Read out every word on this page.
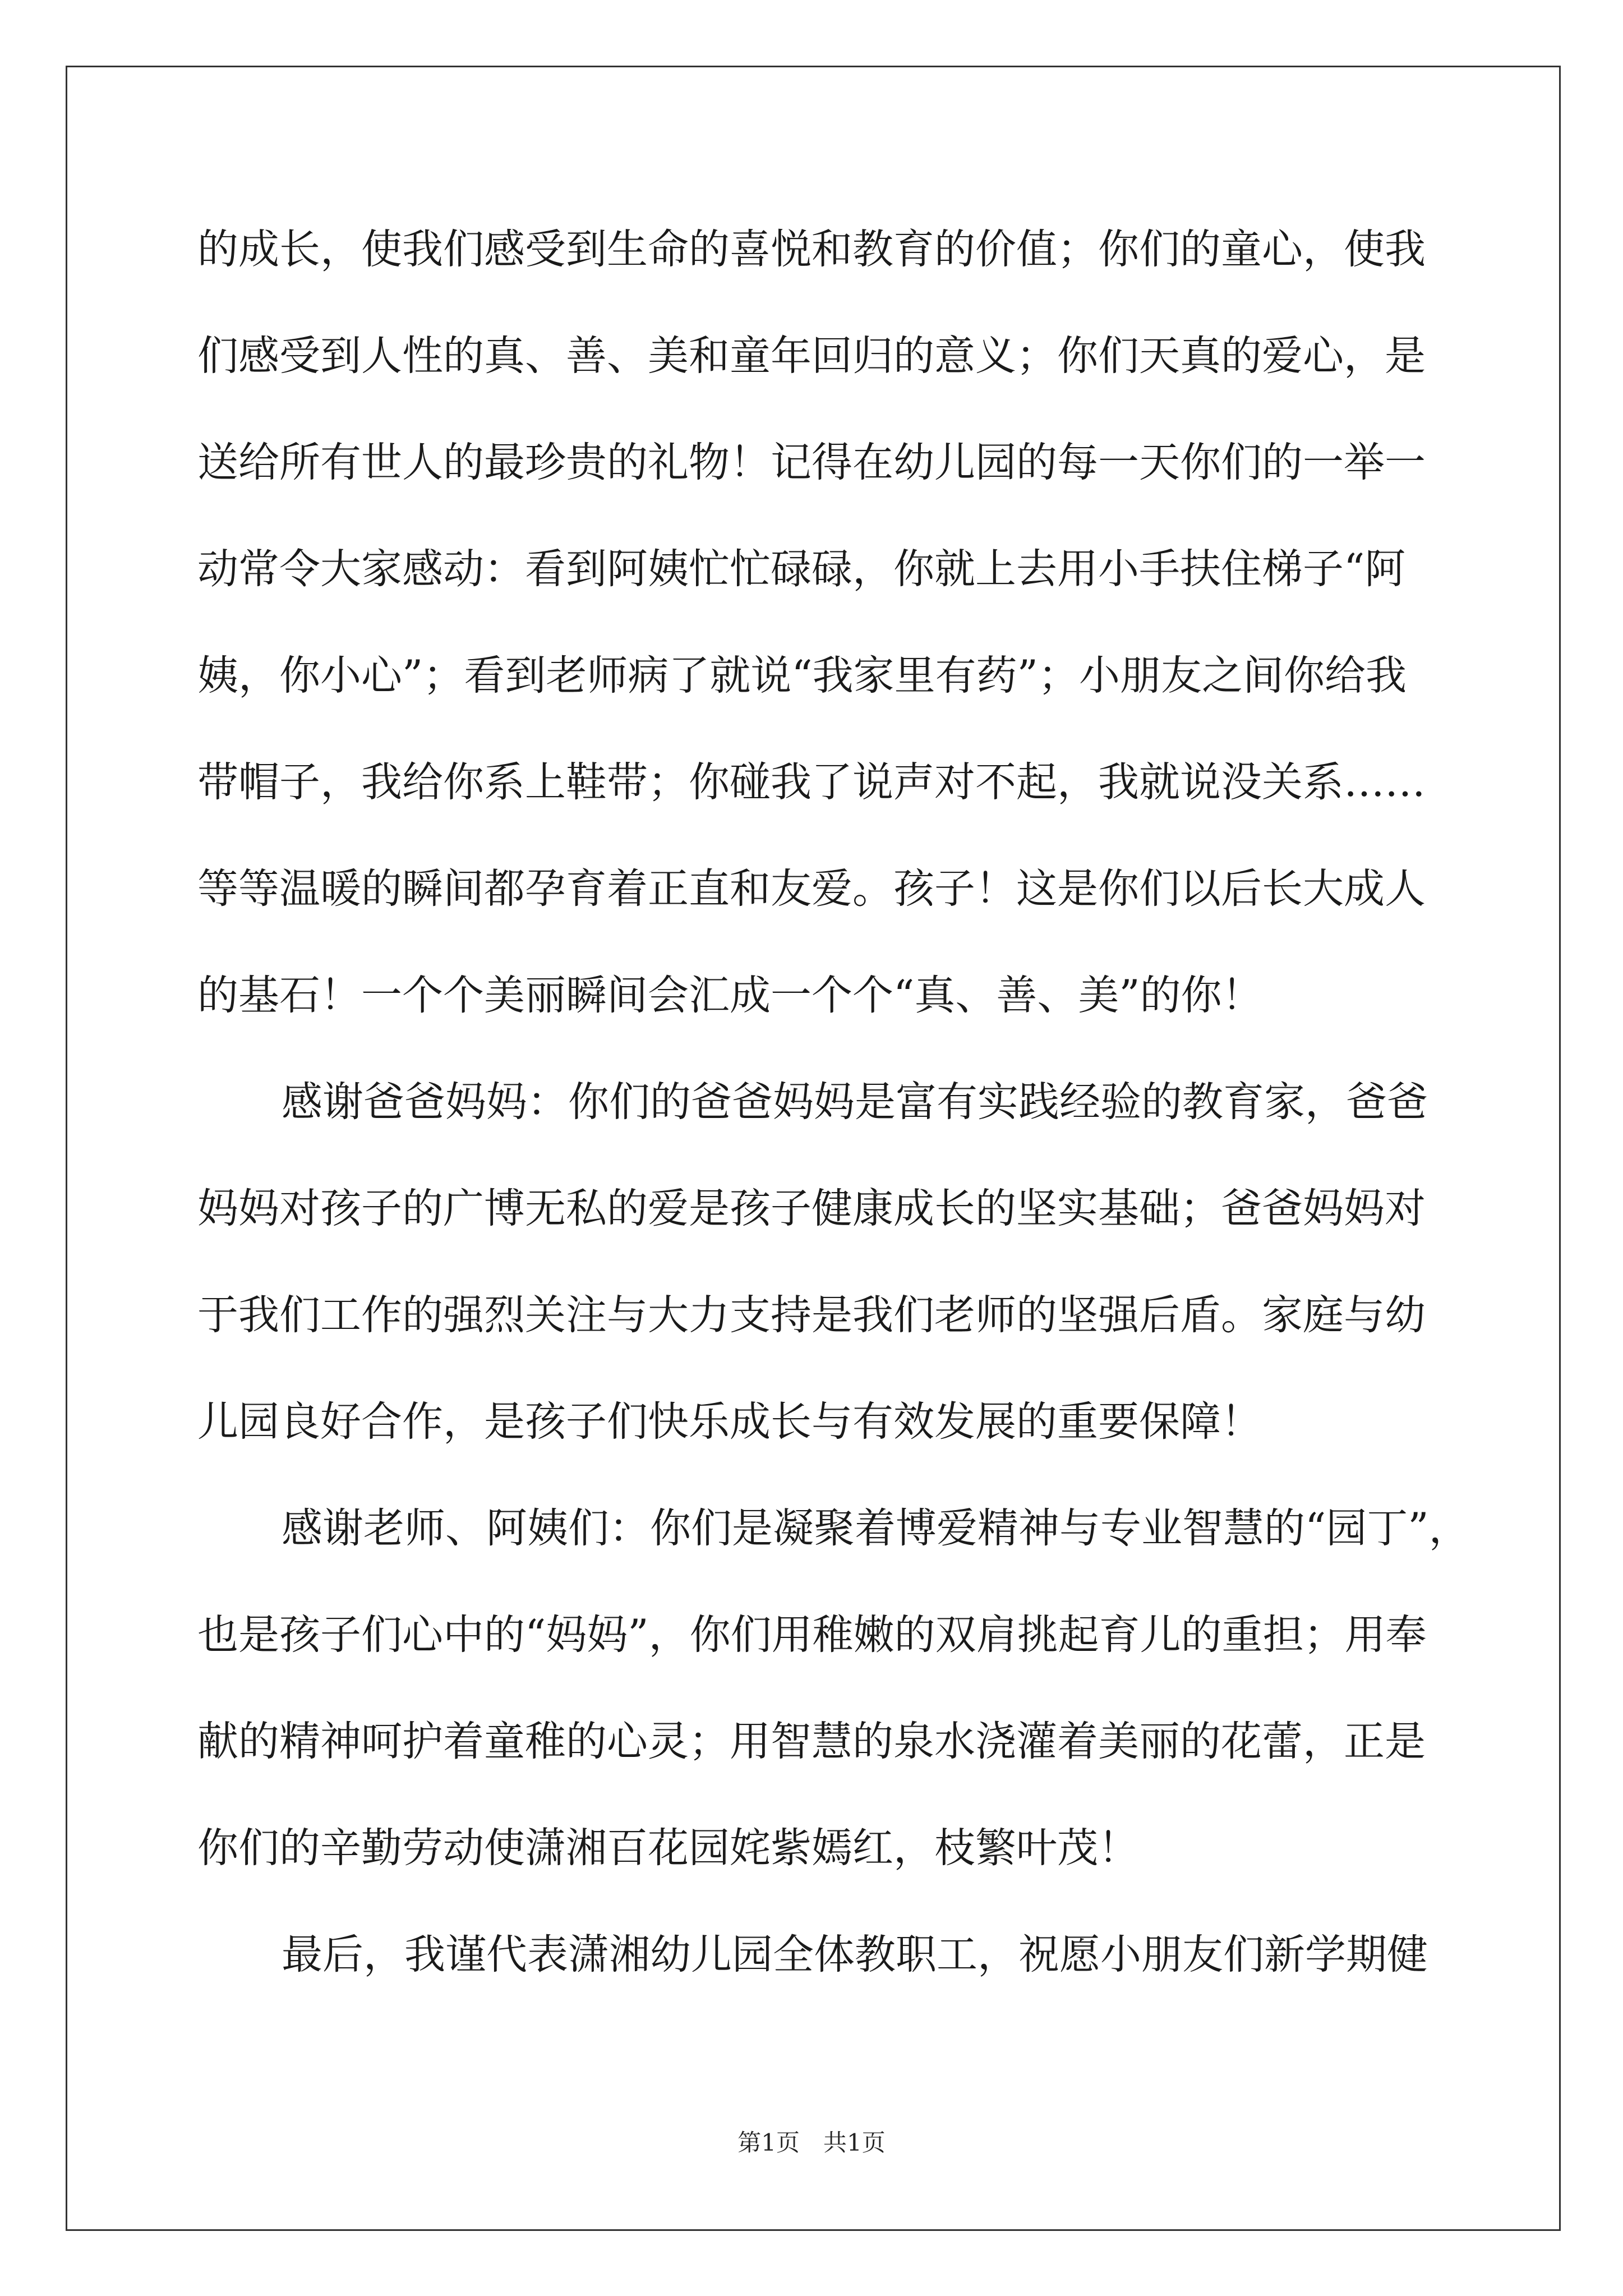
的成长，使我们感受到生命的喜悦和教育的价值；你们的童心，使我
们感受到人性的真、善、美和童年回归的意义；你们天真的爱心，是
送给所有世人的最珍贵的礼物！记得在幼儿园的每一天你们的一举一
动常令大家感动：看到阿姨忙忙碌碌，你就上去用小手扶住梯子“阿
姨，你小心”；看到老师病了就说“我家里有药”；小朋友之间你给我
带帽子，我给你系上鞋带；你碰我了说声对不起，我就说没关系……
等等温暖的瞬间都孕育着正直和友爱。孩子！这是你们以后长大成人
的基石！一个个美丽瞬间会汇成一个个“真、善、美”的你！
感谢爸爸妈妈：你们的爸爸妈妈是富有实践经验的教育家，爸爸
妈妈对孩子的广博无私的爱是孩子健康成长的坚实基础；爸爸妈妈对
于我们工作的强烈关注与大力支持是我们老师的坚强后盾。家庭与幼
儿园良好合作，是孩子们快乐成长与有效发展的重要保障！
感谢老师、阿姨们：你们是凝聚着博爱精神与专业智慧的“园丁”，
也是孩子们心中的“妈妈”，你们用稚嫩的双肩挑起育儿的重担；用奉
献的精神呵护着童稚的心灵；用智慧的泉水浇灌着美丽的花蕾，正是
你们的辛勤劳动使潇湘百花园姹紫嫣红，枝繁叶茂！
最后，我谨代表潇湘幼儿园全体教职工，祝愿小朋友们新学期健
第1页　共1页
